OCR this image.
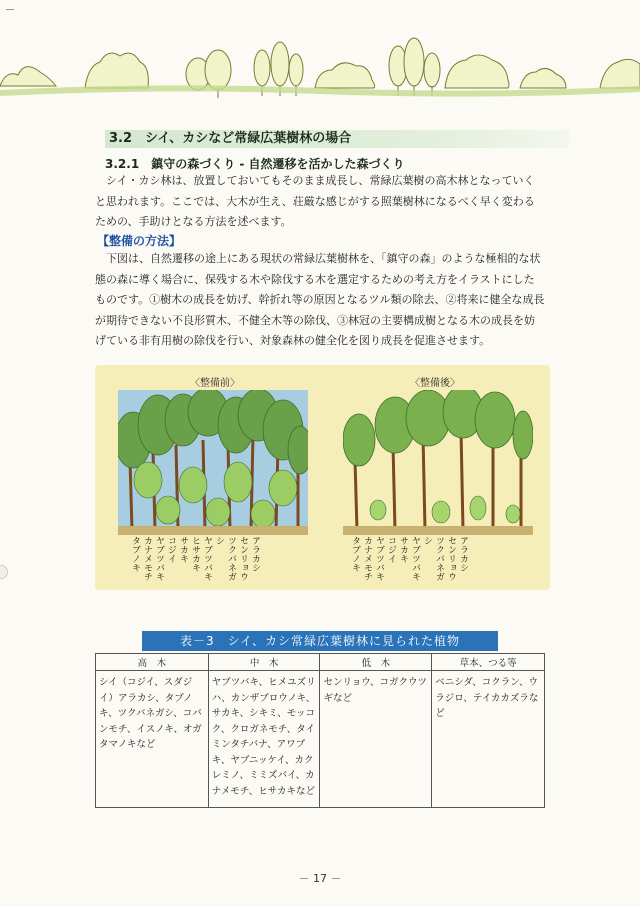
3.2　 シイ、カシなど常緑広葉樹林の場合
3.2.1　 鎮守の森づくり - 自然遷移を活かした森づくり

シイ・カシ林は、放置しておいてもそのまま成長し、常緑広葉樹の高木林となっていくと思われます。ここでは、大木が生え、荘厳な感じがする照葉樹林になるべく早く変わるための、手助けとなる方法を述べます。

【整備の方法】

下図は、自然遷移の途上にある現状の常緑広葉樹林を、「鎮守の森」のような極相的な状態の森に導く場合に、保残する木や除伐する木を選定するための考え方をイラストにしたものです。①樹木の成長を妨げ、幹折れ等の原因となるツル類の除去、②将来に健全な成長が期待できない不良形質木、不健全木等の除伐、③林冠の主要構成樹となる木の成長を妨げている非有用樹の除伐を行い、対象森林の健全化を図り成長を促進させます。

〈整備前〉	〈整備後〉
アラカシ
センリョウ
ツクバネガシ
ヤブツバキ
ヒサカキ
サカキ
コジイ
ヤブツバキ
カナメモチ
タブノキ	アラカシ
センリョウ
ツクバネガシ
ヤブツバキ
サカキ
コジイ
ヤブツバキ
カナメモチ
タブノキ
表－3　シイ、カシ常緑広葉樹林に見られた植物
高　木	中　木	低　木	草本、つる等
シイ（コジイ、スダジイ）アラカシ、タブノキ、ツクバネガシ、コバンモチ、イスノキ、オガタマノキなど	ヤブツバキ、ヒメユズリハ、カンザブロウノキ、サカキ、シキミ、モッコク、クロガネモチ、タイミンタチバナ、アワブキ、ヤブニッケイ、カクレミノ、ミミズバイ、カナメモチ、ヒサカキなど	センリョウ、コガクウツギなど	ベニシダ、コクラン、ウラジロ、テイカカズラなど
－ 17 －
